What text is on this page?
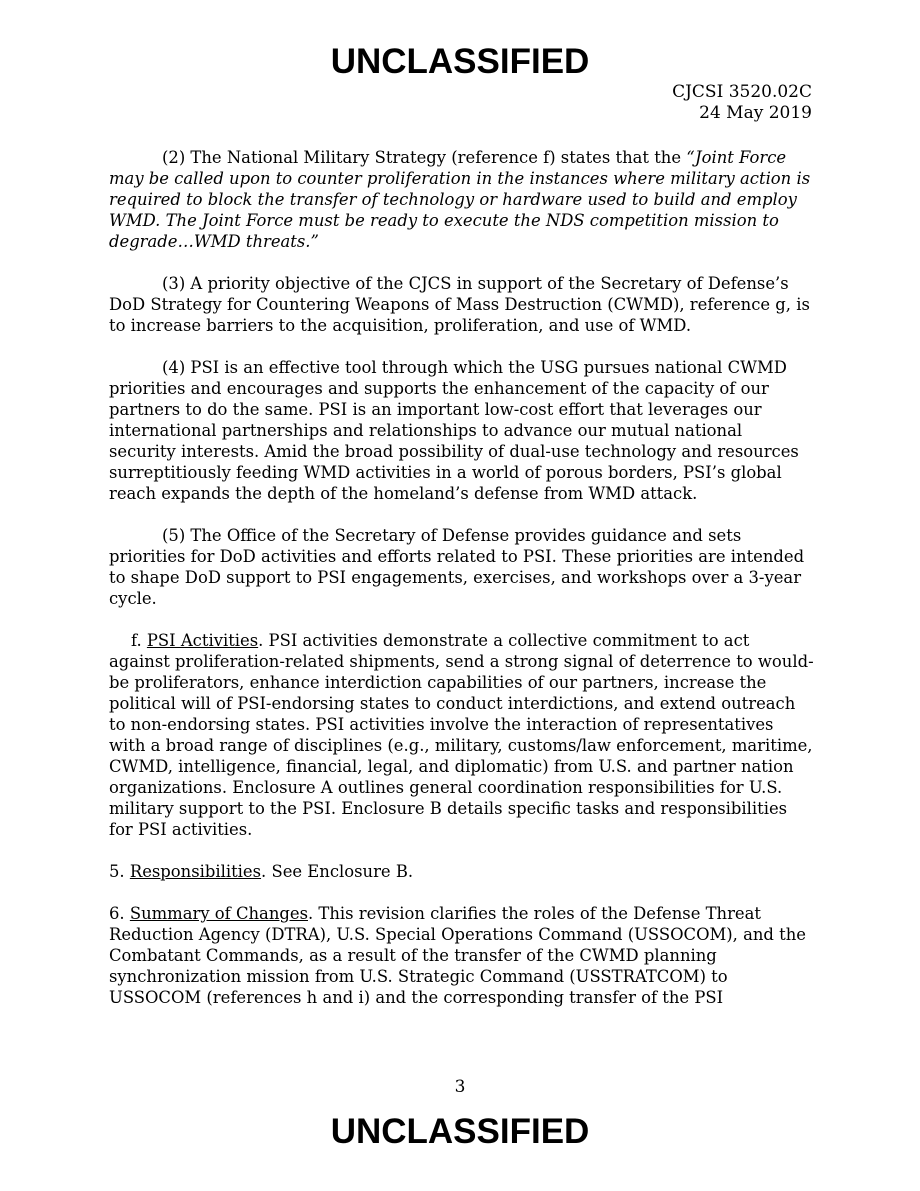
UNCLASSIFIED
CJCSI 3520.02C
24 May 2019

(2) The National Military Strategy (reference f) states that the “Joint Force may be called upon to counter proliferation in the instances where military action is required to block the transfer of technology or hardware used to build and employ WMD. The Joint Force must be ready to execute the NDS competition mission to degrade…WMD threats.”

(3) A priority objective of the CJCS in support of the Secretary of Defense’s DoD Strategy for Countering Weapons of Mass Destruction (CWMD), reference g, is to increase barriers to the acquisition, proliferation, and use of WMD.

(4) PSI is an effective tool through which the USG pursues national CWMD priorities and encourages and supports the enhancement of the capacity of our partners to do the same. PSI is an important low-cost effort that leverages our international partnerships and relationships to advance our mutual national security interests. Amid the broad possibility of dual-use technology and resources surreptitiously feeding WMD activities in a world of porous borders, PSI’s global reach expands the depth of the homeland’s defense from WMD attack.

(5) The Office of the Secretary of Defense provides guidance and sets priorities for DoD activities and efforts related to PSI. These priorities are intended to shape DoD support to PSI engagements, exercises, and workshops over a 3-year cycle.

f. PSI Activities. PSI activities demonstrate a collective commitment to act against proliferation-related shipments, send a strong signal of deterrence to would-be proliferators, enhance interdiction capabilities of our partners, increase the political will of PSI-endorsing states to conduct interdictions, and extend outreach to non-endorsing states. PSI activities involve the interaction of representatives with a broad range of disciplines (e.g., military, customs/law enforcement, maritime, CWMD, intelligence, financial, legal, and diplomatic) from U.S. and partner nation organizations. Enclosure A outlines general coordination responsibilities for U.S. military support to the PSI. Enclosure B details specific tasks and responsibilities for PSI activities.

5. Responsibilities. See Enclosure B.

6. Summary of Changes. This revision clarifies the roles of the Defense Threat Reduction Agency (DTRA), U.S. Special Operations Command (USSOCOM), and the Combatant Commands, as a result of the transfer of the CWMD planning synchronization mission from U.S. Strategic Command (USSTRATCOM) to USSOCOM (references h and i) and the corresponding transfer of the PSI

3
UNCLASSIFIED
